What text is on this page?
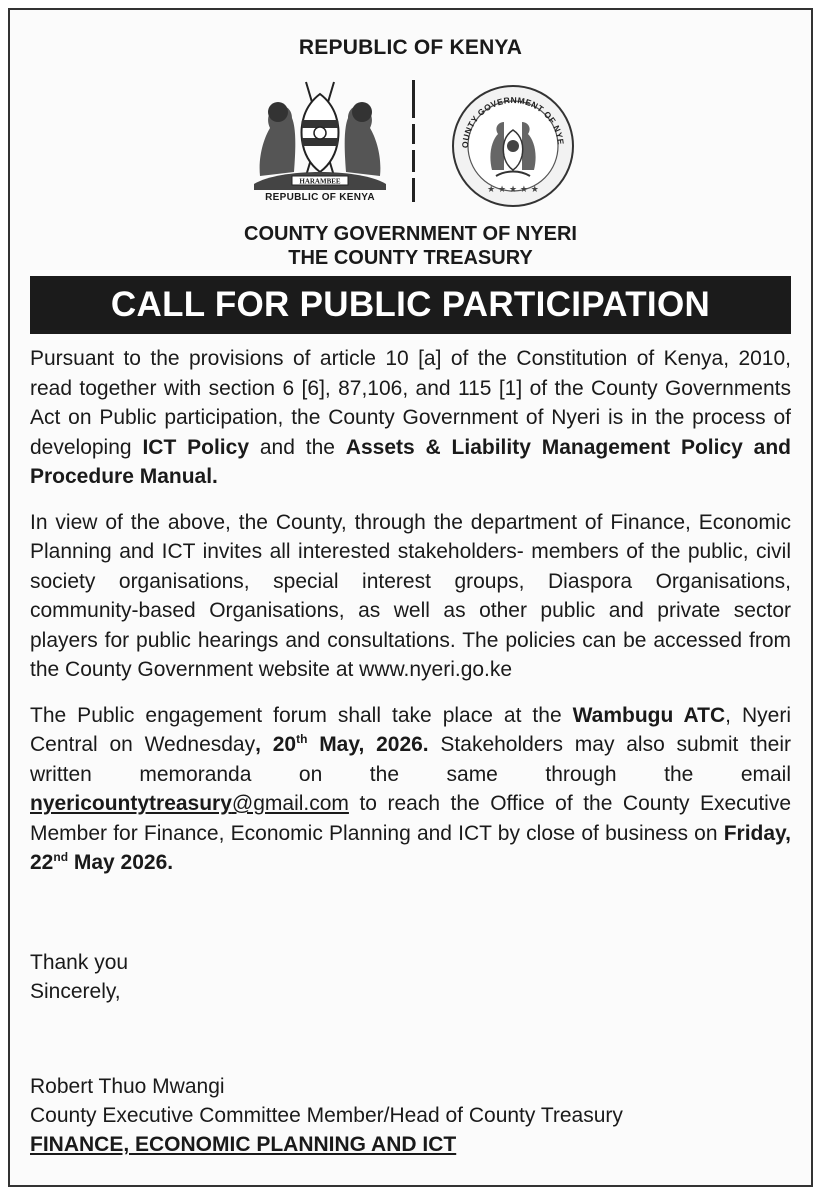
REPUBLIC OF KENYA
HARAMBEE
REPUBLIC OF KENYA
OUNTY GOVERNMENT OF NYE
★ ★ ★ ★ ★
COUNTY GOVERNMENT OF NYERI
THE COUNTY TREASURY
CALL FOR PUBLIC PARTICIPATION

Pursuant to the provisions of article 10 [a] of the Constitution of Kenya, 2010, read together with section 6 [6], 87,106, and 115 [1] of the County Governments Act on Public participation, the County Government of Nyeri is in the process of developing ICT Policy and the Assets & Liability Management Policy and Procedure Manual.

In view of the above, the County, through the department of Finance, Economic Planning and ICT invites all interested stakeholders- members of the public, civil society organisations, special interest groups, Diaspora Organisations, community-based Organisations, as well as other public and private sector players for public hearings and consultations. The policies can be accessed from the County Government website at www.nyeri.go.ke

The Public engagement forum shall take place at the Wambugu ATC, Nyeri Central on Wednesday, 20th May, 2026. Stakeholders may also submit their written memoranda on the same through the email nyericountytreasury@gmail.com to reach the Office of the County Executive Member for Finance, Economic Planning and ICT by close of business on Friday, 22nd May 2026.

Thank you
Sincerely,
Robert Thuo Mwangi
County Executive Committee Member/Head of County Treasury
FINANCE, ECONOMIC PLANNING AND ICT
